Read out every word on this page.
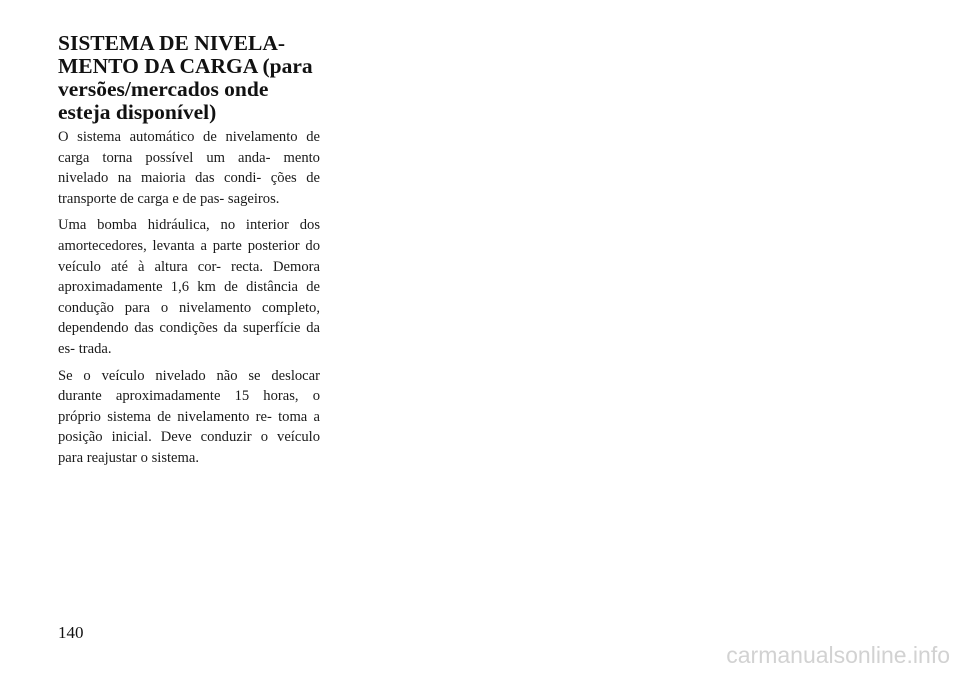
SISTEMA DE NIVELA-
MENTO DA CARGA (para
versões/mercados onde
esteja disponível)

O sistema automático de nivelamento de carga torna possível um anda- mento nivelado na maioria das condi- ções de transporte de carga e de pas- sageiros.

Uma bomba hidráulica, no interior dos amortecedores, levanta a parte posterior do veículo até à altura cor- recta. Demora aproximadamente 1,6 km de distância de condução para o nivelamento completo, dependendo das condições da superfície da es- trada.

Se o veículo nivelado não se deslocar durante aproximadamente 15 horas, o próprio sistema de nivelamento re- toma a posição inicial. Deve conduzir o veículo para reajustar o sistema.

140
carmanualsonline.info
